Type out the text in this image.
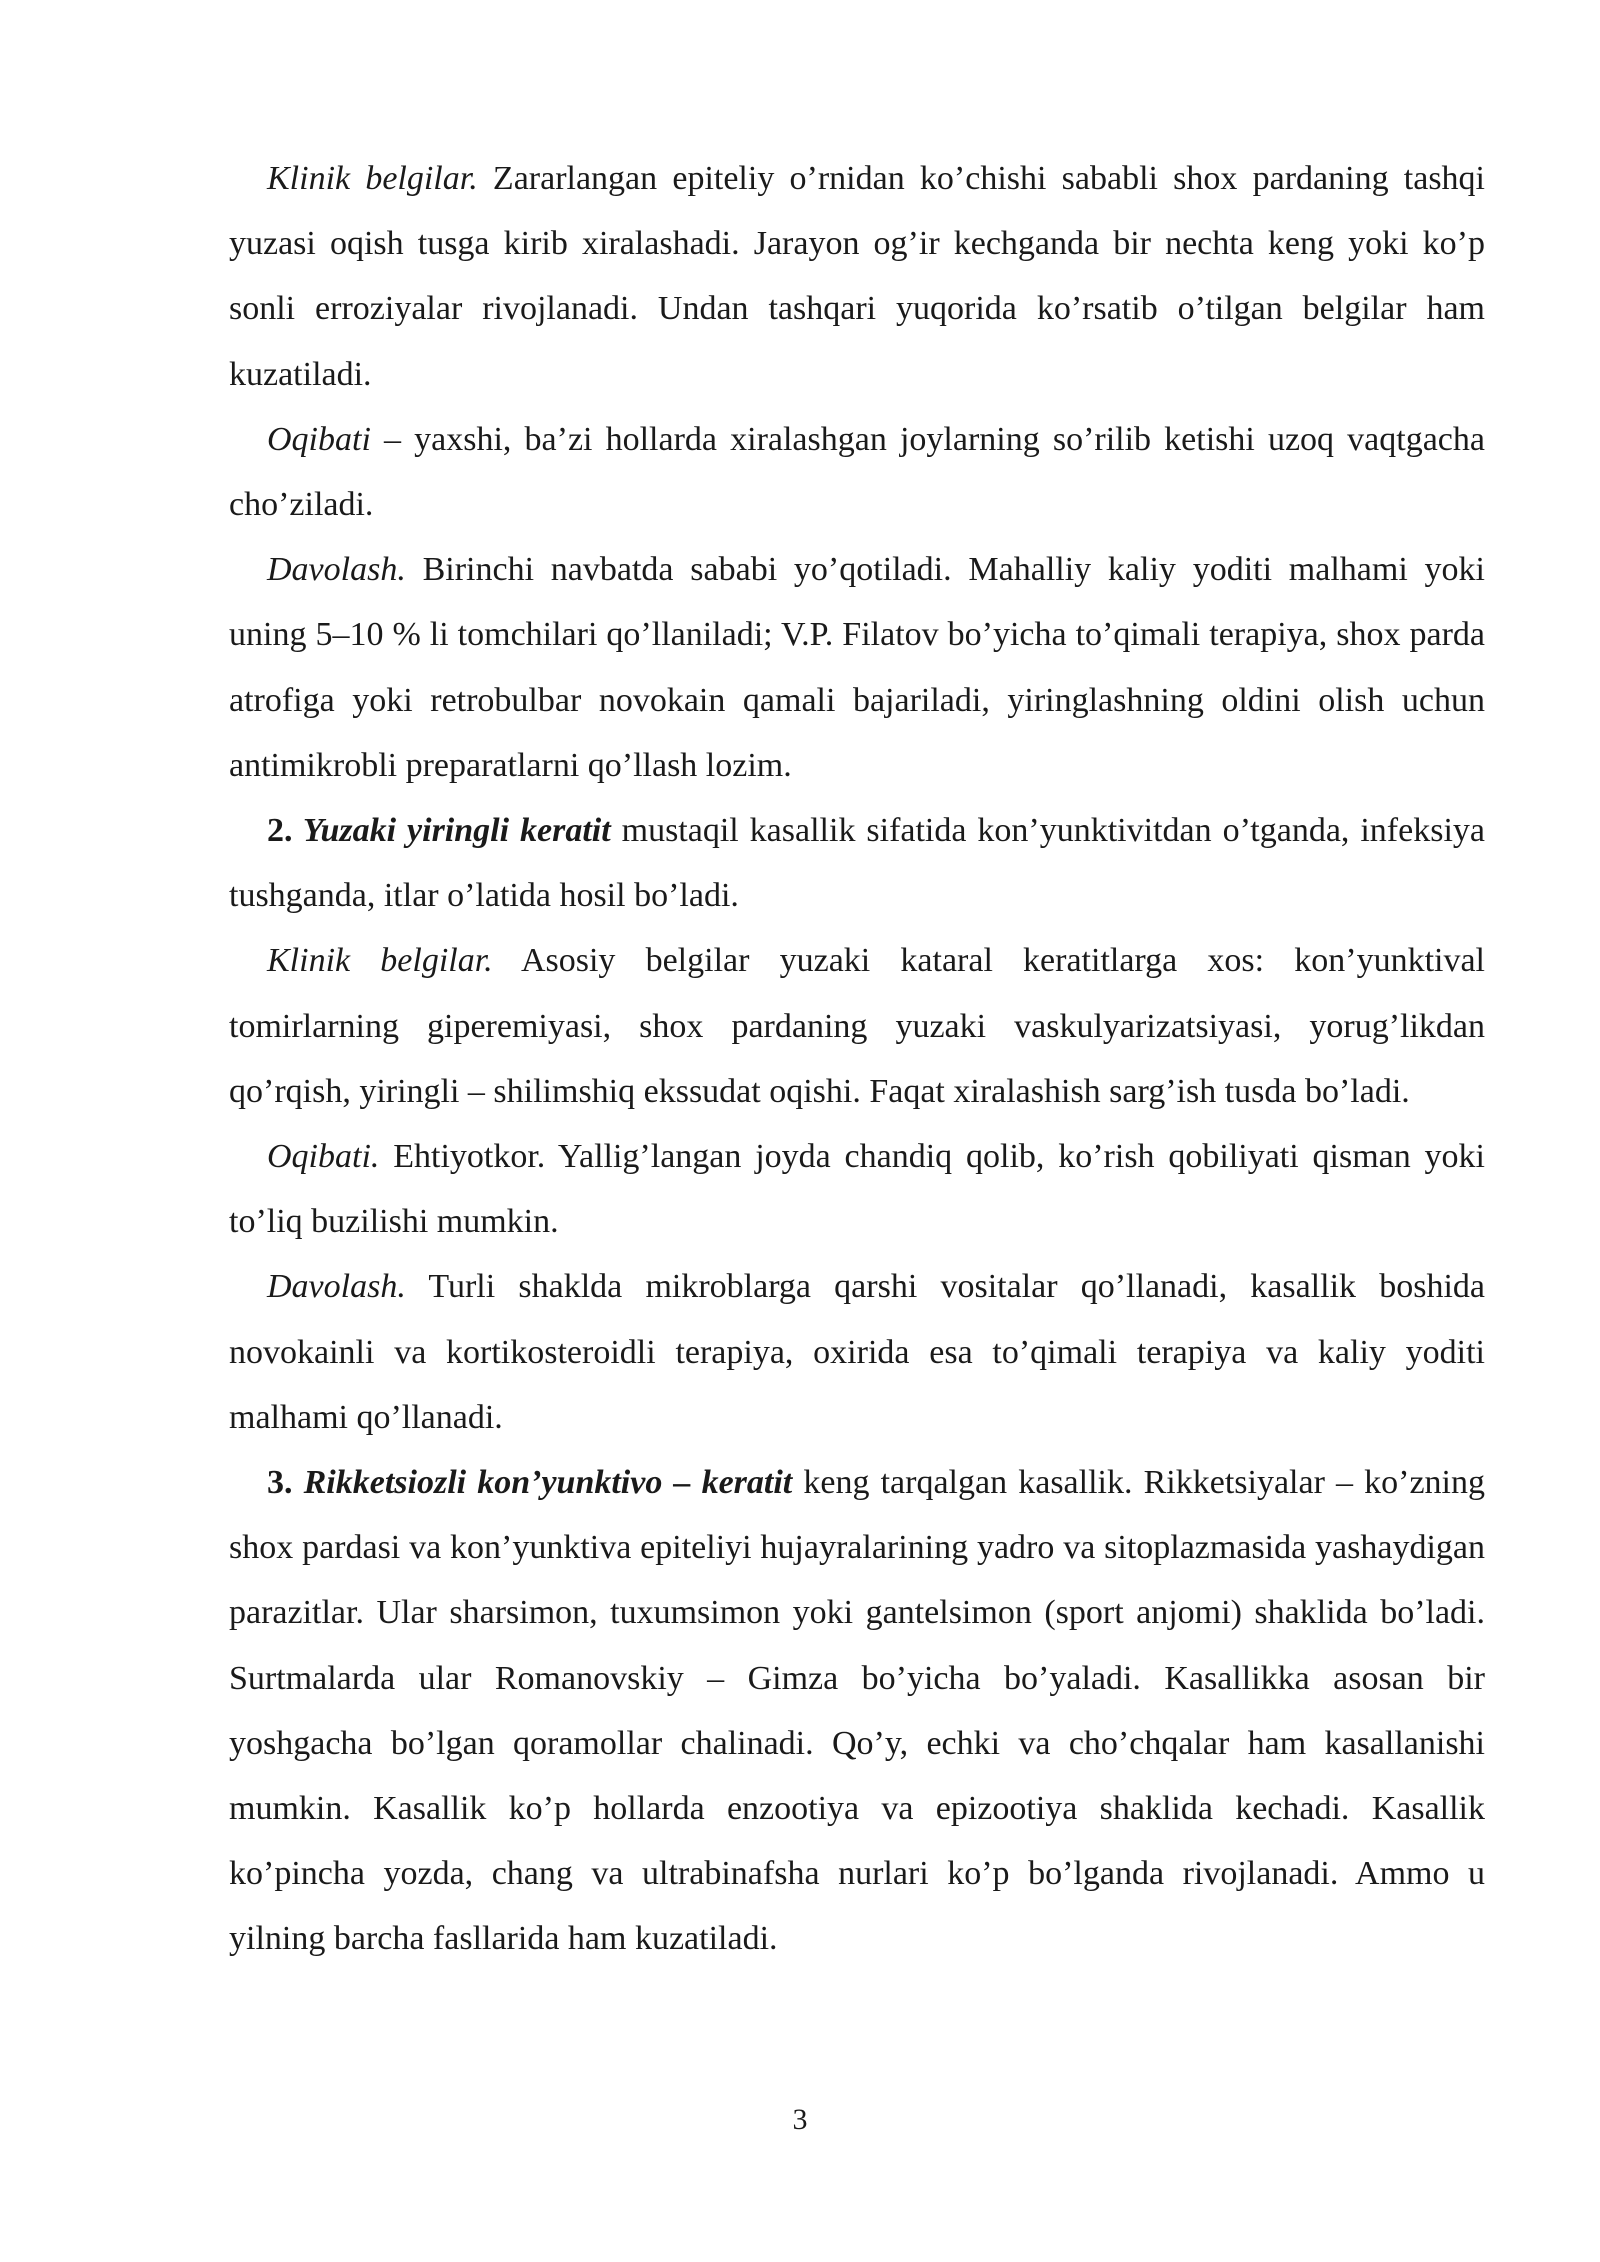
Klinik belgilar. Zararlangan epiteliy o’rnidan ko’chishi sababli shox pardaning tashqi yuzasi oqish tusga kirib xiralashadi. Jarayon og’ir kechganda bir nechta keng yoki ko’p sonli erroziyalar rivojlanadi. Undan tashqari yuqorida ko’rsatib o’tilgan belgilar ham kuzatiladi.

Oqibati – yaxshi, ba’zi hollarda xiralashgan joylarning so’rilib ketishi uzoq vaqtgacha cho’ziladi.

Davolash. Birinchi navbatda sababi yo’qotiladi. Mahalliy kaliy yoditi malhami yoki uning 5–10 % li tomchilari qo’llaniladi; V.P. Filatov bo’yicha to’qimali terapiya, shox parda atrofiga yoki retrobulbar novokain qamali bajariladi, yiringlashning oldini olish uchun antimikrobli preparatlarni qo’llash lozim.

2. Yuzaki yiringli keratit mustaqil kasallik sifatida kon’yunktivitdan o’tganda, infeksiya tushganda, itlar o’latida hosil bo’ladi.

Klinik belgilar. Asosiy belgilar yuzaki kataral keratitlarga xos: kon’yunktival tomirlarning giperemiyasi, shox pardaning yuzaki vaskulyarizatsiyasi, yorug’likdan qo’rqish, yiringli – shilimshiq ekssudat oqishi. Faqat xiralashish sarg’ish tusda bo’ladi.

Oqibati. Ehtiyotkor. Yallig’langan joyda chandiq qolib, ko’rish qobiliyati qisman yoki to’liq buzilishi mumkin.

Davolash. Turli shaklda mikroblarga qarshi vositalar qo’llanadi, kasallik boshida novokainli va kortikosteroidli terapiya, oxirida esa to’qimali terapiya va kaliy yoditi malhami qo’llanadi.

3. Rikketsiozli kon’yunktivo – keratit keng tarqalgan kasallik. Rikketsiyalar – ko’zning shox pardasi va kon’yunktiva epiteliyi hujayralarining yadro va sitoplazmasida yashaydigan parazitlar. Ular sharsimon, tuxumsimon yoki gantelsimon (sport anjomi) shaklida bo’ladi. Surtmalarda ular Romanovskiy – Gimza bo’yicha bo’yaladi. Kasallikka asosan bir yoshgacha bo’lgan qoramollar chalinadi. Qo’y, echki va cho’chqalar ham kasallanishi mumkin. Kasallik ko’p hollarda enzootiya va epizootiya shaklida kechadi. Kasallik ko’pincha yozda, chang va ultrabinafsha nurlari ko’p bo’lganda rivojlanadi. Ammo u yilning barcha fasllarida ham kuzatiladi.

3
